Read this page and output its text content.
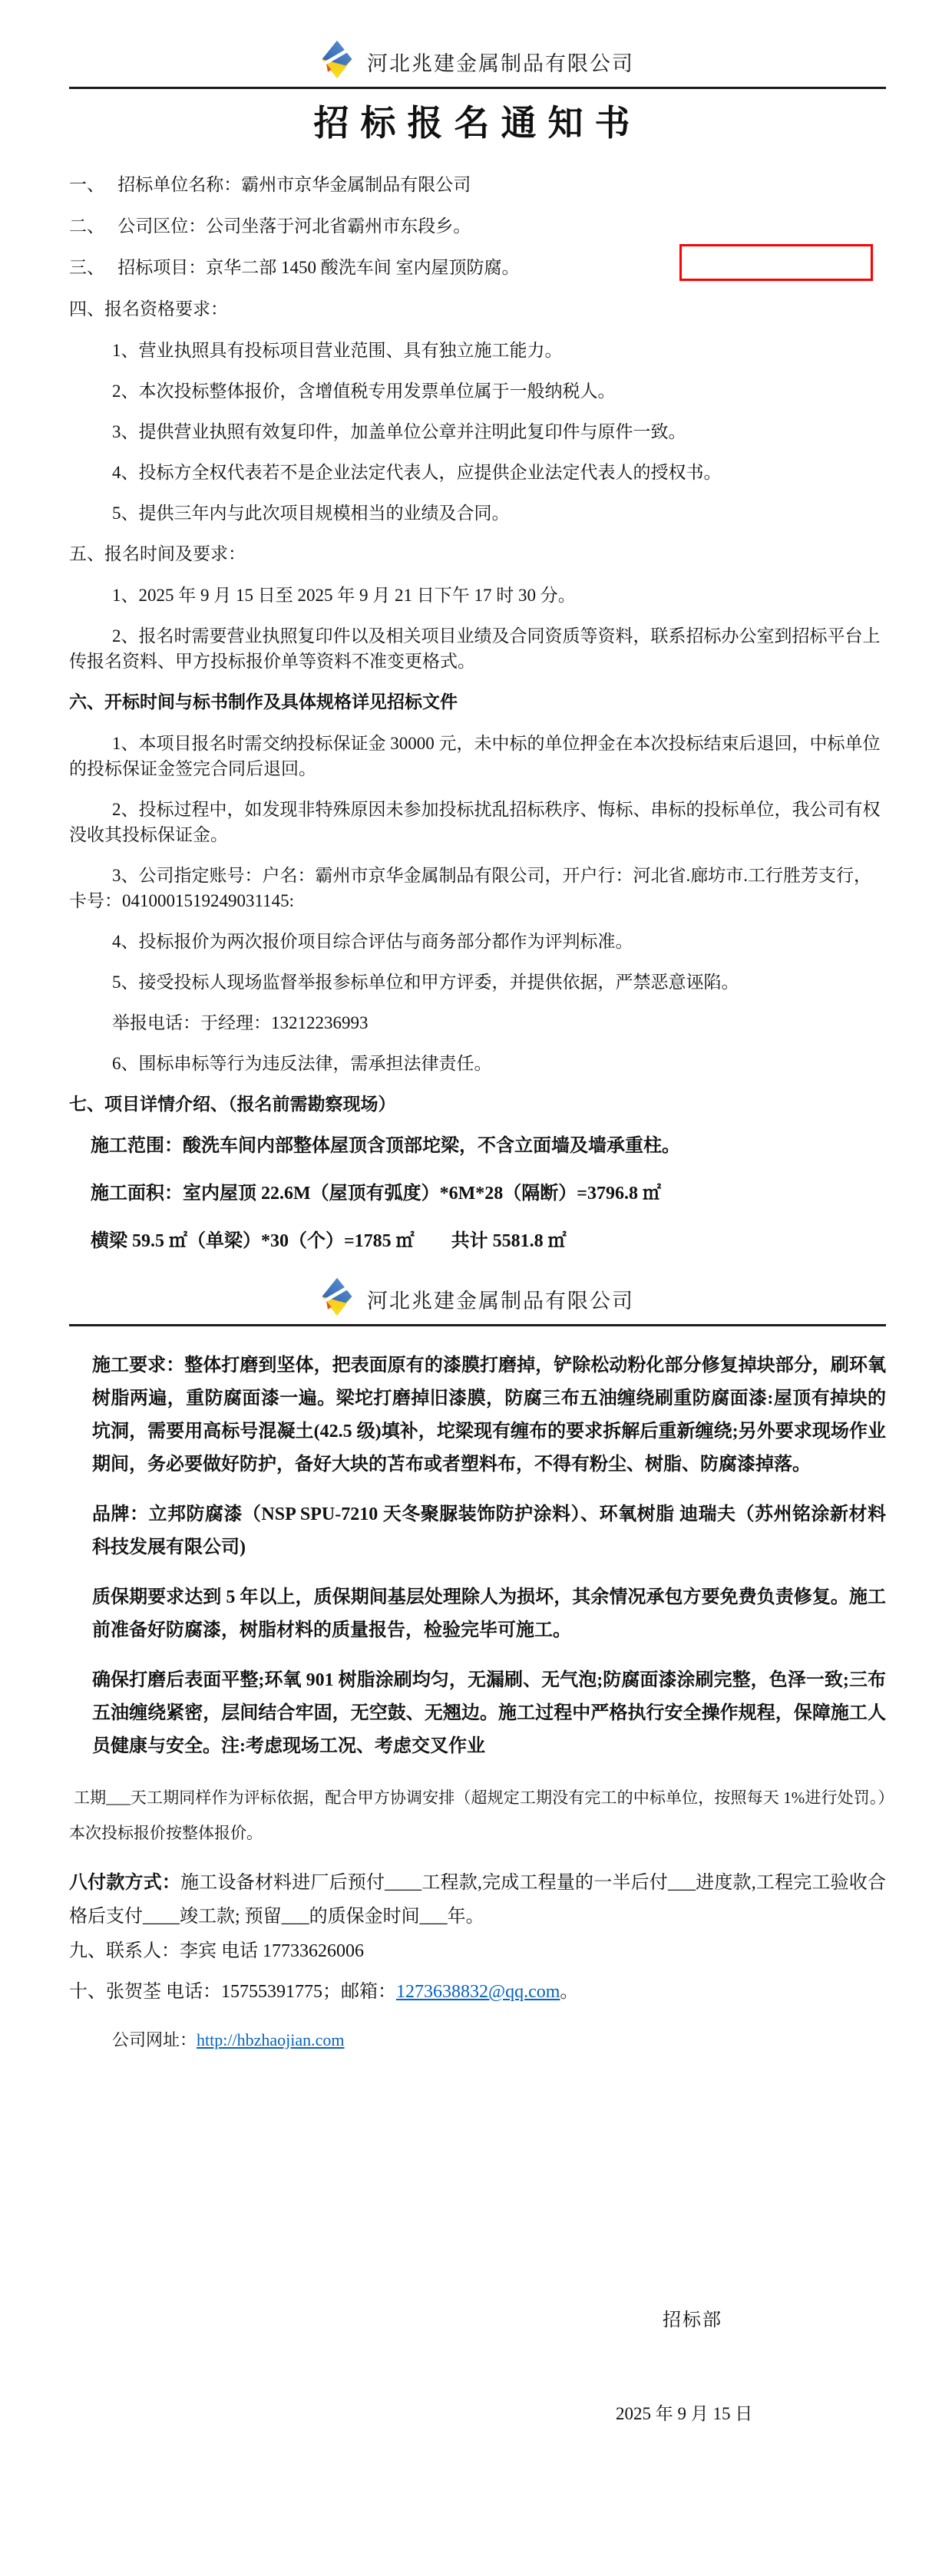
河北兆建金属制品有限公司
招标报名通知书

一、　 招标单位名称：霸州市京华金属制品有限公司

二、　 公司区位：公司坐落于河北省霸州市东段乡。

三、　 招标项目：京华二部 1450 酸洗车间 室内屋顶防腐。

四、报名资格要求：

1、营业执照具有投标项目营业范围、具有独立施工能力。

2、本次投标整体报价，含增值税专用发票单位属于一般纳税人。

3、提供营业执照有效复印件，加盖单位公章并注明此复印件与原件一致。

4、投标方全权代表若不是企业法定代表人，应提供企业法定代表人的授权书。

5、提供三年内与此次项目规模相当的业绩及合同。

五、报名时间及要求：

1、2025 年 9 月 15 日至 2025 年 9 月 21 日下午 17 时 30 分。

2、报名时需要营业执照复印件以及相关项目业绩及合同资质等资料，联系招标办公室到招标平台上传报名资料、甲方投标报价单等资料不准变更格式。

六、开标时间与标书制作及具体规格详见招标文件

1、本项目报名时需交纳投标保证金 30000 元，未中标的单位押金在本次投标结束后退回，中标单位的投标保证金签完合同后退回。

2、投标过程中，如发现非特殊原因未参加投标扰乱招标秩序、悔标、串标的投标单位，我公司有权没收其投标保证金。

3、公司指定账号：户名：霸州市京华金属制品有限公司，开户行：河北省.廊坊市.工行胜芳支行，卡号：0410001519249031145:

4、投标报价为两次报价项目综合评估与商务部分都作为评判标准。

5、接受投标人现场监督举报参标单位和甲方评委，并提供依据，严禁恶意诬陷。

举报电话：于经理：13212236993

6、围标串标等行为违反法律，需承担法律责任。

七、项目详情介绍、（报名前需勘察现场）

施工范围：酸洗车间内部整体屋顶含顶部坨梁，不含立面墙及墙承重柱。

施工面积：室内屋顶 22.6M（屋顶有弧度）*6M*28（隔断）=3796.8 ㎡

横梁 59.5 ㎡（单梁）*30（个）=1785 ㎡　　共计 5581.8 ㎡

河北兆建金属制品有限公司

施工要求：整体打磨到坚体，把表面原有的漆膜打磨掉，铲除松动粉化部分修复掉块部分，刷环氧树脂两遍，重防腐面漆一遍。梁坨打磨掉旧漆膜，防腐三布五油缠绕刷重防腐面漆:屋顶有掉块的坑洞，需要用高标号混凝土(42.5 级)填补，坨梁现有缠布的要求拆解后重新缠绕;另外要求现场作业期间，务必要做好防护，备好大块的苫布或者塑料布，不得有粉尘、树脂、防腐漆掉落。

品牌：立邦防腐漆（NSP SPU-7210 天冬聚脲装饰防护涂料）、环氧树脂 迪瑞夫（苏州铭涂新材料科技发展有限公司)

质保期要求达到 5 年以上，质保期间基层处理除人为损坏，其余情况承包方要免费负责修复。施工前准备好防腐漆，树脂材料的质量报告，检验完毕可施工。

确保打磨后表面平整;环氧 901 树脂涂刷均匀，无漏刷、无气泡;防腐面漆涂刷完整，色泽一致;三布五油缠绕紧密，层间结合牢固，无空鼓、无翘边。施工过程中严格执行安全操作规程，保障施工人员健康与安全。注:考虑现场工况、考虑交叉作业

工期___天工期同样作为评标依据，配合甲方协调安排（超规定工期没有完工的中标单位，按照每天 1%进行处罚。）本次投标报价按整体报价。

八付款方式：施工设备材料进厂后预付____工程款,完成工程量的一半后付___进度款,工程完工验收合格后支付____竣工款; 预留___的质保金时间___年。

九、联系人：李宾 电话 17733626006

十、张贺荃 电话：15755391775；邮箱：1273638832@qq.com。

公司网址：http://hbzhaojian.com

招标部
2025 年 9 月 15 日
